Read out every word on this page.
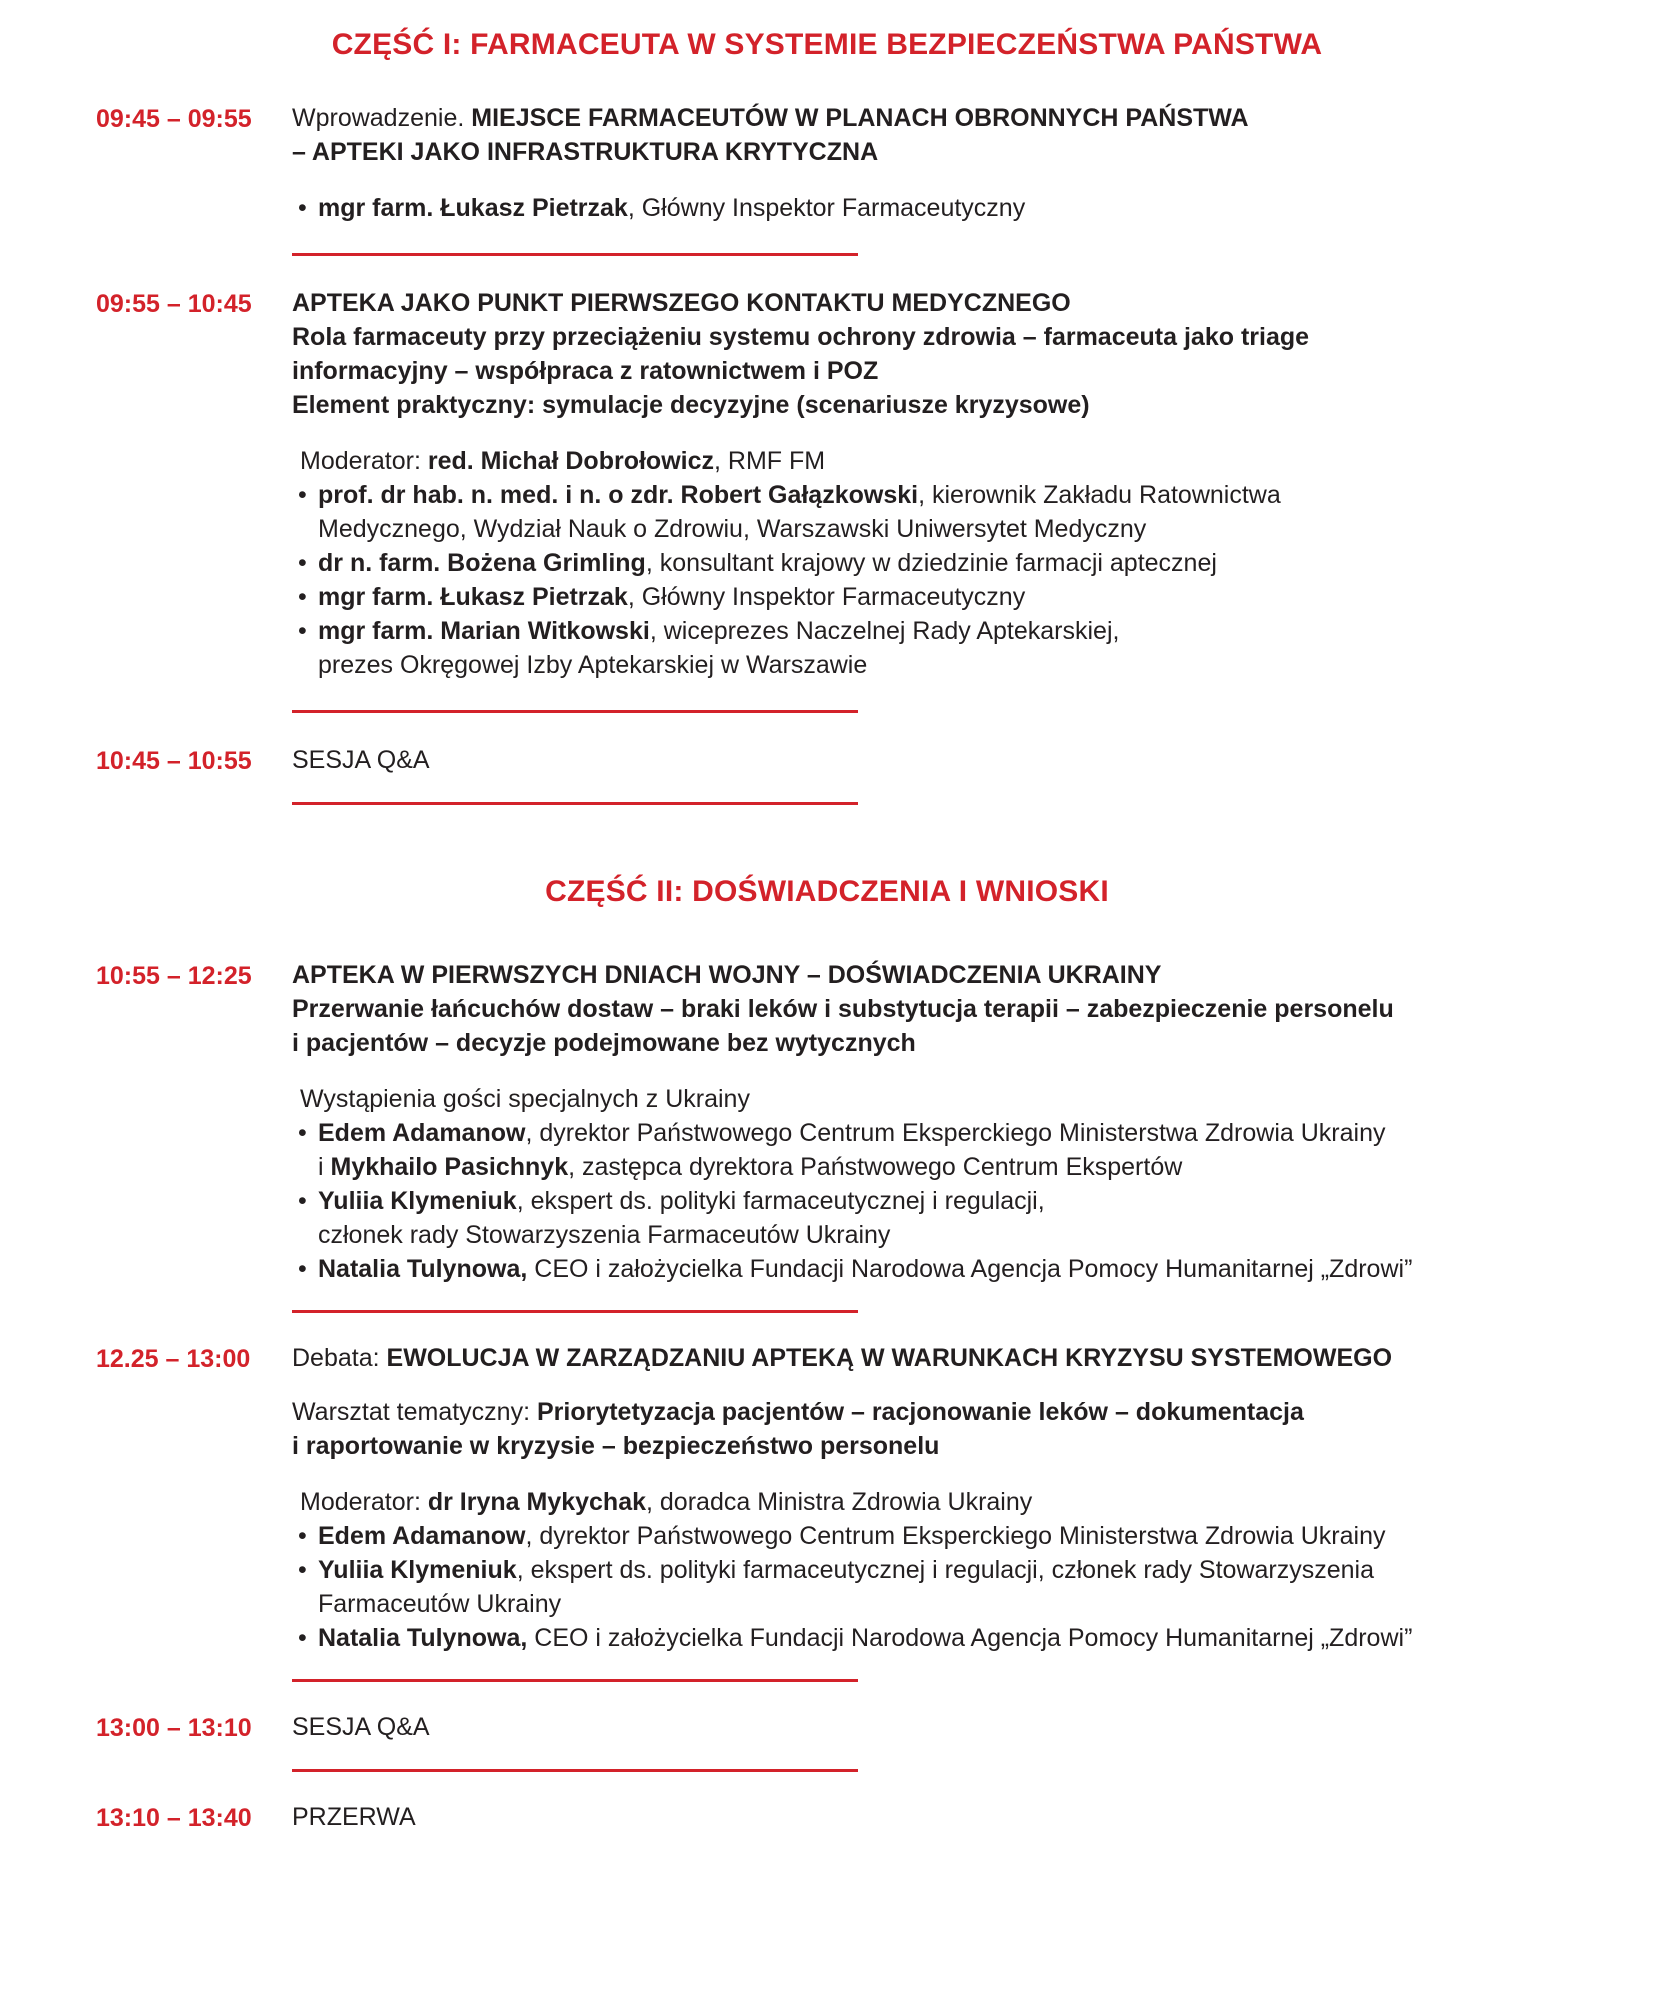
CZĘŚĆ I: FARMACEUTA W SYSTEMIE BEZPIECZEŃSTWA PAŃSTWA
09:45 – 09:55	Wprowadzenie. MIEJSCE FARMACEUTÓW W PLANACH OBRONNYCH PAŃSTWA
– APTEKI JAKO INFRASTRUKTURA KRYTYCZNA
• mgr farm. Łukasz Pietrzak, Główny Inspektor Farmaceutyczny
09:55 – 10:45	APTEKA JAKO PUNKT PIERWSZEGO KONTAKTU MEDYCZNEGO
Rola farmaceuty przy przeciążeniu systemu ochrony zdrowia – farmaceuta jako triage
informacyjny – współpraca z ratownictwem i POZ
Element praktyczny: symulacje decyzyjne (scenariusze kryzysowe)
Moderator: red. Michał Dobrołowicz, RMF FM
• prof. dr hab. n. med. i n. o zdr. Robert Gałązkowski, kierownik Zakładu Ratownictwa
Medycznego, Wydział Nauk o Zdrowiu, Warszawski Uniwersytet Medyczny
• dr n. farm. Bożena Grimling, konsultant krajowy w dziedzinie farmacji aptecznej
• mgr farm. Łukasz Pietrzak, Główny Inspektor Farmaceutyczny
• mgr farm. Marian Witkowski, wiceprezes Naczelnej Rady Aptekarskiej,
prezes Okręgowej Izby Aptekarskiej w Warszawie
10:45 – 10:55	SESJA Q&A
CZĘŚĆ II: DOŚWIADCZENIA I WNIOSKI
10:55 – 12:25	APTEKA W PIERWSZYCH DNIACH WOJNY – DOŚWIADCZENIA UKRAINY
Przerwanie łańcuchów dostaw – braki leków i substytucja terapii – zabezpieczenie personelu
i pacjentów – decyzje podejmowane bez wytycznych
Wystąpienia gości specjalnych z Ukrainy
• Edem Adamanow, dyrektor Państwowego Centrum Eksperckiego Ministerstwa Zdrowia Ukrainy
i Mykhailo Pasichnyk, zastępca dyrektora Państwowego Centrum Ekspertów
• Yuliia Klymeniuk, ekspert ds. polityki farmaceutycznej i regulacji,
członek rady Stowarzyszenia Farmaceutów Ukrainy
• Natalia Tulynowa, CEO i założycielka Fundacji Narodowa Agencja Pomocy Humanitarnej „Zdrowi”
12.25 – 13:00	Debata: EWOLUCJA W ZARZĄDZANIU APTEKĄ W WARUNKACH KRYZYSU SYSTEMOWEGO
Warsztat tematyczny: Priorytetyzacja pacjentów – racjonowanie leków – dokumentacja
i raportowanie w kryzysie – bezpieczeństwo personelu
Moderator: dr Iryna Mykychak, doradca Ministra Zdrowia Ukrainy
• Edem Adamanow, dyrektor Państwowego Centrum Eksperckiego Ministerstwa Zdrowia Ukrainy
• Yuliia Klymeniuk, ekspert ds. polityki farmaceutycznej i regulacji, członek rady Stowarzyszenia
Farmaceutów Ukrainy
• Natalia Tulynowa, CEO i założycielka Fundacji Narodowa Agencja Pomocy Humanitarnej „Zdrowi”
13:00 – 13:10	SESJA Q&A
13:10 – 13:40	PRZERWA
